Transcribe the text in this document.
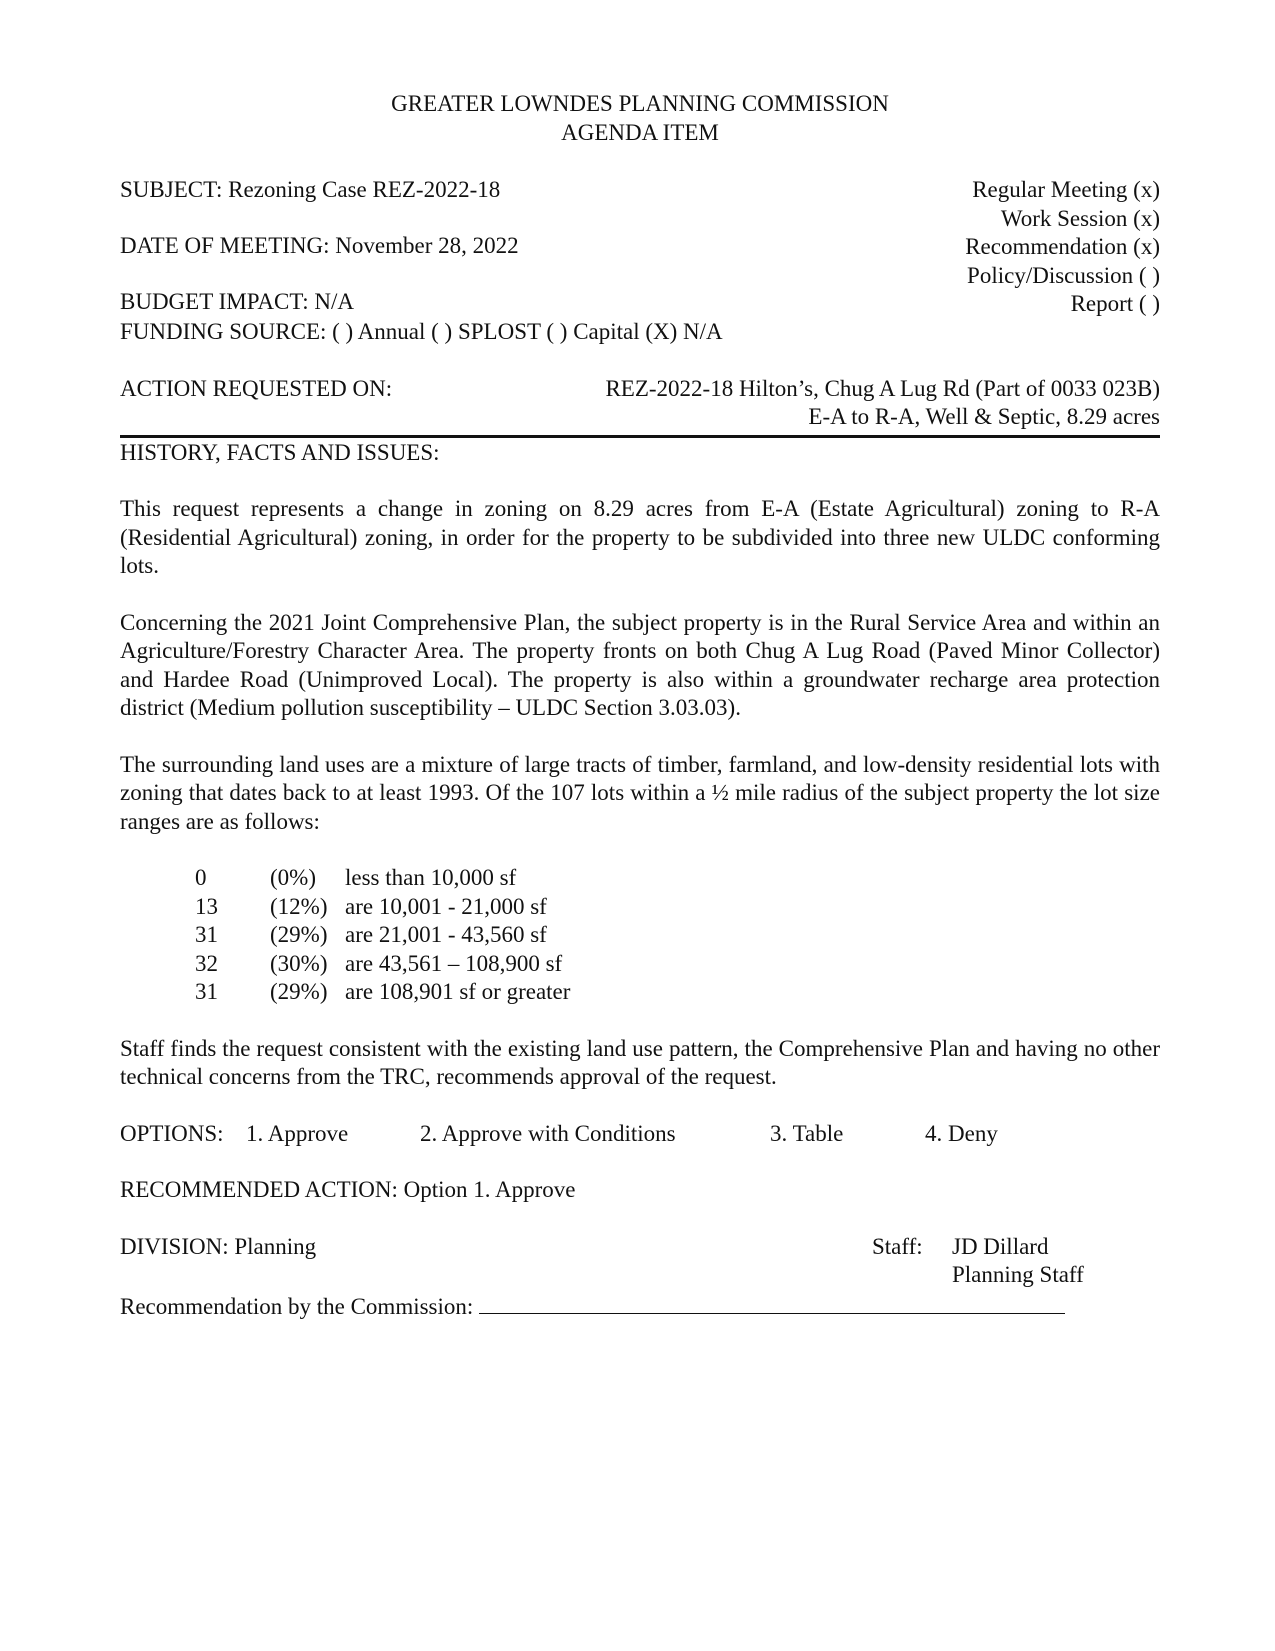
GREATER LOWNDES PLANNING COMMISSION
AGENDA ITEM
SUBJECT: Rezoning Case REZ-2022-18
DATE OF MEETING: November 28, 2022
BUDGET IMPACT: N/A
Regular Meeting (x)
Work Session (x)
Recommendation (x)
Policy/Discussion ( )
Report ( )
FUNDING SOURCE: ( ) Annual ( ) SPLOST ( ) Capital (X) N/A
ACTION REQUESTED ON:	REZ-2022-18 Hilton’s, Chug A Lug Rd (Part of 0033 023B)
E-A to R-A, Well & Septic, 8.29 acres
HISTORY, FACTS AND ISSUES:

This request represents a change in zoning on 8.29 acres from E-A (Estate Agricultural) zoning to R-A (Residential Agricultural) zoning, in order for the property to be subdivided into three new ULDC conforming lots.

Concerning the 2021 Joint Comprehensive Plan, the subject property is in the Rural Service Area and within an Agriculture/Forestry Character Area. The property fronts on both Chug A Lug Road (Paved Minor Collector) and Hardee Road (Unimproved Local). The property is also within a groundwater recharge area protection district (Medium pollution susceptibility – ULDC Section 3.03.03).

The surrounding land uses are a mixture of large tracts of timber, farmland, and low-density residential lots with zoning that dates back to at least 1993. Of the 107 lots within a ½ mile radius of the subject property the lot size ranges are as follows:

0	(0%)	less than 10,000 sf
13	(12%)	are 10,001 - 21,000 sf
31	(29%)	are 21,001 - 43,560 sf
32	(30%)	are 43,561 – 108,900 sf
31	(29%)	are 108,901 sf or greater

Staff finds the request consistent with the existing land use pattern, the Comprehensive Plan and having no other technical concerns from the TRC, recommends approval of the request.

OPTIONS: 1. Approve	2. Approve with Conditions	3. Table	4. Deny
RECOMMENDED ACTION: Option 1. Approve
DIVISION: Planning	Staff: JD Dillard
Planning Staff
Recommendation by the Commission:
